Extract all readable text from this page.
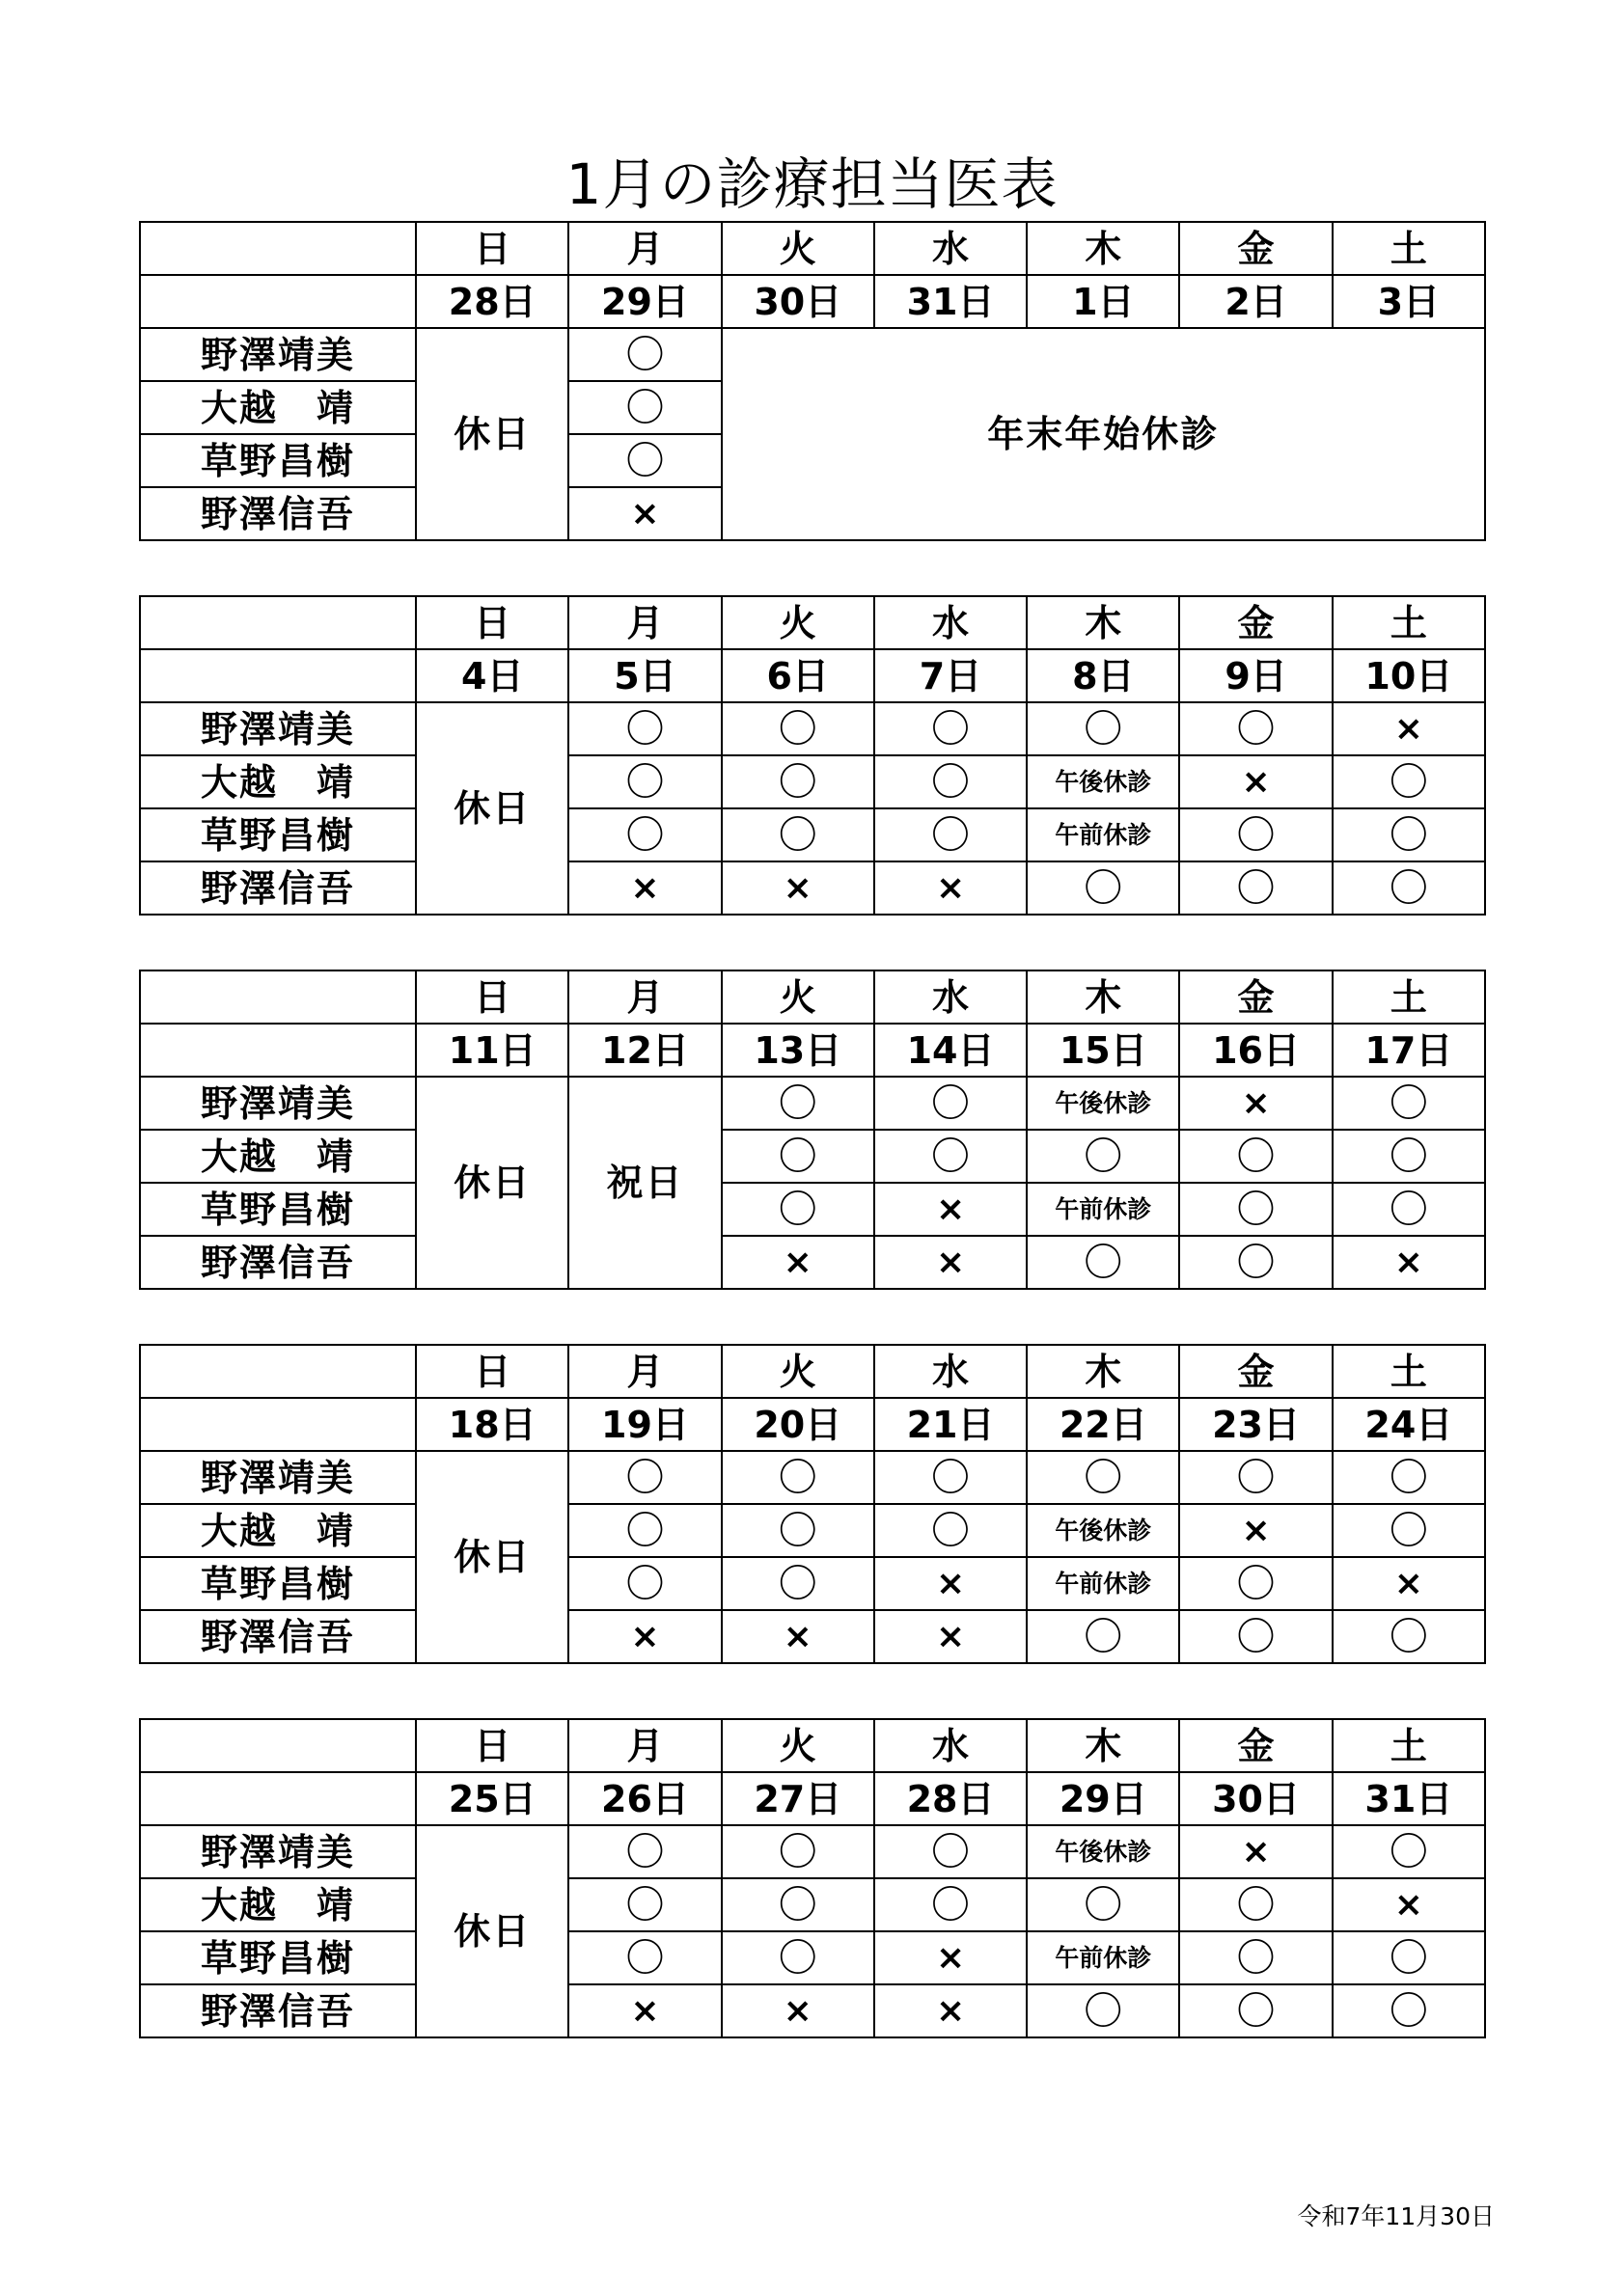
1月の診療担当医表
	日	月	火	水	木	金	土
	28日	29日	30日	31日	1日	2日	3日
野澤靖美	休日	〇	年末年始休診				
大越　靖		〇					
草野昌樹		〇					
野澤信吾		×					
	日	月	火	水	木	金	土
	4日	5日	6日	7日	8日	9日	10日
野澤靖美	休日	〇	〇	〇	〇	〇	×
大越　靖		〇	〇	〇	午後休診	×	〇
草野昌樹		〇	〇	〇	午前休診	〇	〇
野澤信吾		×	×	×	〇	〇	〇
	日	月	火	水	木	金	土
	11日	12日	13日	14日	15日	16日	17日
野澤靖美	休日	祝日	〇	〇	午後休診	×	〇
大越　靖			〇	〇	〇	〇	〇
草野昌樹			〇	×	午前休診	〇	〇
野澤信吾			×	×	〇	〇	×
	日	月	火	水	木	金	土
	18日	19日	20日	21日	22日	23日	24日
野澤靖美	休日	〇	〇	〇	〇	〇	〇
大越　靖		〇	〇	〇	午後休診	×	〇
草野昌樹		〇	〇	×	午前休診	〇	×
野澤信吾		×	×	×	〇	〇	〇
	日	月	火	水	木	金	土
	25日	26日	27日	28日	29日	30日	31日
野澤靖美	休日	〇	〇	〇	午後休診	×	〇
大越　靖		〇	〇	〇	〇	〇	×
草野昌樹		〇	〇	×	午前休診	〇	〇
野澤信吾		×	×	×	〇	〇	〇
令和7年11月30日
